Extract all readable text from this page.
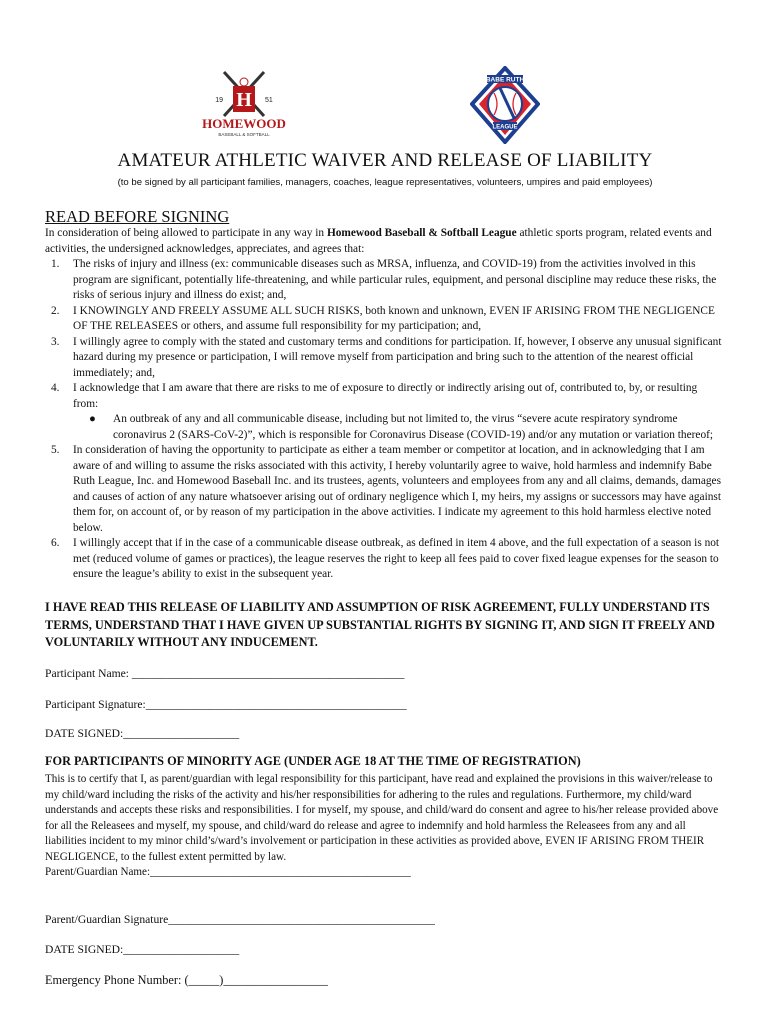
H
19	51
HOMEWOOD
BASEBALL & SOFTBALL
BABE RUTH
LEAGUE
AMATEUR ATHLETIC WAIVER AND RELEASE OF LIABILITY
(to be signed by all participant families, managers, coaches, league representatives, volunteers, umpires and paid employees)
READ BEFORE SIGNING

In consideration of being allowed to participate in any way in Homewood Baseball & Softball League athletic sports program, related events and activities, the undersigned acknowledges, appreciates, and agrees that:

1. The risks of injury and illness (ex: communicable diseases such as MRSA, influenza, and COVID-19) from the activities involved in this program are significant, potentially life-threatening, and while particular rules, equipment, and personal discipline may reduce these risks, the risks of serious injury and illness do exist; and,
2. I KNOWINGLY AND FREELY ASSUME ALL SUCH RISKS, both known and unknown, EVEN IF ARISING FROM THE NEGLIGENCE OF THE RELEASEES or others, and assume full responsibility for my participation; and,
3. I willingly agree to comply with the stated and customary terms and conditions for participation. If, however, I observe any unusual significant hazard during my presence or participation, I will remove myself from participation and bring such to the attention of the nearest official immediately; and,
4. I acknowledge that I am aware that there are risks to me of exposure to directly or indirectly arising out of, contributed to, by, or resulting from:
● An outbreak of any and all communicable disease, including but not limited to, the virus “severe acute respiratory syndrome coronavirus 2 (SARS-CoV-2)”, which is responsible for Coronavirus Disease (COVID-19) and/or any mutation or variation thereof;
5. In consideration of having the opportunity to participate as either a team member or competitor at location, and in acknowledging that I am aware of and willing to assume the risks associated with this activity, I hereby voluntarily agree to waive, hold harmless and indemnify Babe Ruth League, Inc. and Homewood Baseball Inc. and its trustees, agents, volunteers and employees from any and all claims, demands, damages and causes of action of any nature whatsoever arising out of ordinary negligence which I, my heirs, my assigns or successors may have against them for, on account of, or by reason of my participation in the above activities. I indicate my agreement to this hold harmless elective noted below.
6. I willingly accept that if in the case of a communicable disease outbreak, as defined in item 4 above, and the full expectation of a season is not met (reduced volume of games or practices), the league reserves the right to keep all fees paid to cover fixed league expenses for the season to ensure the league’s ability to exist in the subsequent year.
I HAVE READ THIS RELEASE OF LIABILITY AND ASSUMPTION OF RISK AGREEMENT, FULLY UNDERSTAND ITS TERMS, UNDERSTAND THAT I HAVE GIVEN UP SUBSTANTIAL RIGHTS BY SIGNING IT, AND SIGN IT FREELY AND VOLUNTARILY WITHOUT ANY INDUCEMENT.
Participant Name: _______________________________________________
Participant Signature:_____________________________________________
DATE SIGNED:____________________
FOR PARTICIPANTS OF MINORITY AGE (UNDER AGE 18 AT THE TIME OF REGISTRATION)

This is to certify that I, as parent/guardian with legal responsibility for this participant, have read and explained the provisions in this waiver/release to my child/ward including the risks of the activity and his/her responsibilities for adhering to the rules and regulations. Furthermore, my child/ward understands and accepts these risks and responsibilities. I for myself, my spouse, and child/ward do consent and agree to his/her release provided above for all the Releasees and myself, my spouse, and child/ward do release and agree to indemnify and hold harmless the Releasees from any and all liabilities incident to my minor child’s/ward’s involvement or participation in these activities as provided above, EVEN IF ARISING FROM THEIR NEGLIGENCE, to the fullest extent permitted by law.

Parent/Guardian Name:_______________________________________________

Parent/Guardian Signature______________________________________________
DATE SIGNED:____________________
Emergency Phone Number: (_____)_________________
